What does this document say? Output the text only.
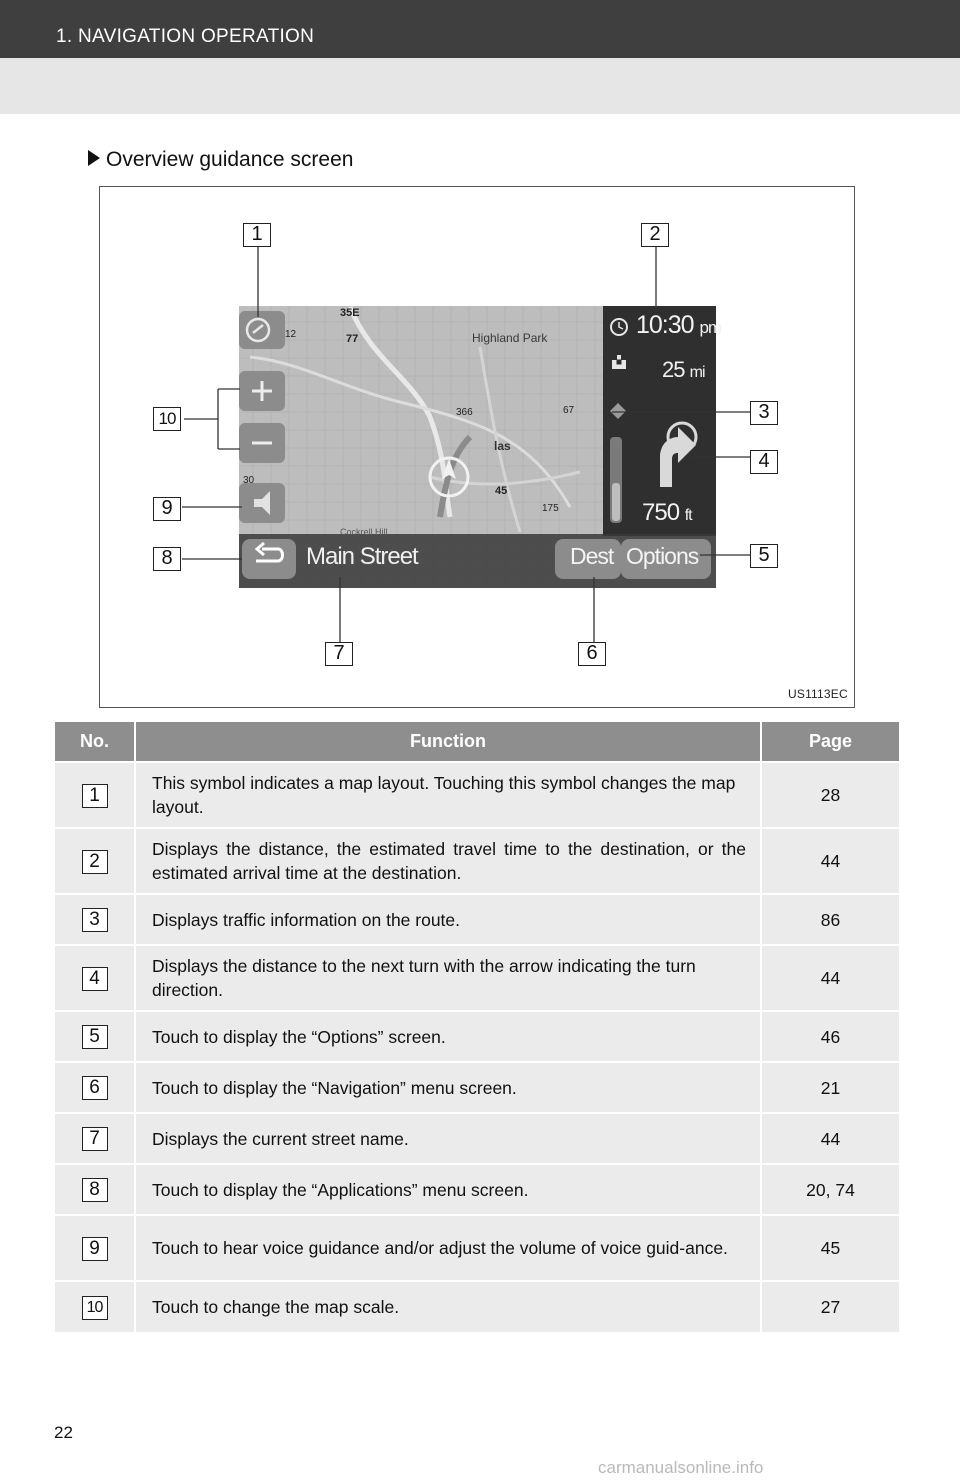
1. NAVIGATION OPERATION
Overview guidance screen
Highland Park
35E
77
366	67
45
175
30
12
Cockrell Hill
las
10:30 pm
25 mi
750 ft
Main Street	Dest Options
1	2
3
4
5
6
7
8
9
10
US1113EC
No.	Function	Page
1	This symbol indicates a map layout. Touching this symbol changes the map layout.	28
2	Displays the distance, the estimated travel time to the destination, or the estimated arrival time at the destination.	44
3	Displays traffic information on the route.	86
4	Displays the distance to the next turn with the arrow indicating the turn direction.	44
5	Touch to display the “Options” screen.	46
6	Touch to display the “Navigation” menu screen.	21
7	Displays the current street name.	44
8	Touch to display the “Applications” menu screen.	20, 74
9	Touch to hear voice guidance and/or adjust the volume of voice guid-ance.	45
10	Touch to change the map scale.	27
22
carmanualsonline.info
